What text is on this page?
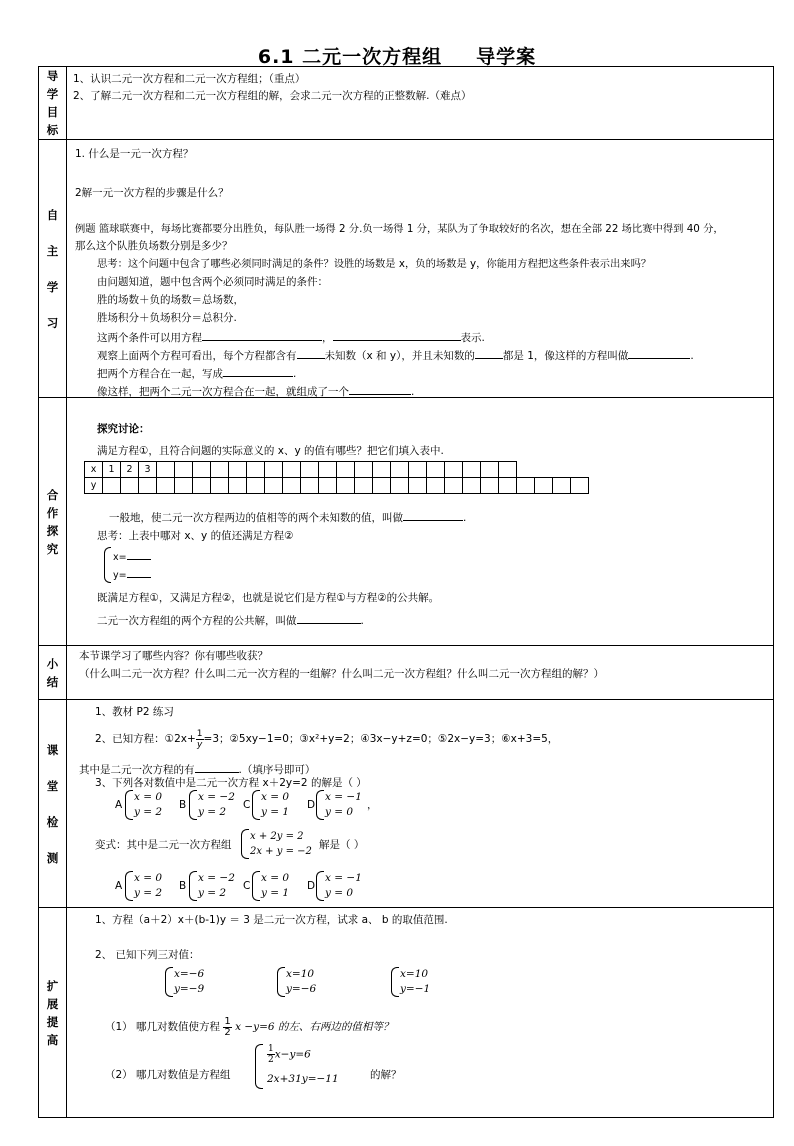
6.1 二元一次方程组 导学案
导
学
目
标

1、认识二元一次方程和二元一次方程组；（重点）
2、了解二元一次方程和二元一次方程组的解，会求二元一次方程的正整数解.（难点）

自

主

学

习

1. 什么是一元一次方程？
2解一元一次方程的步骤是什么？
例题 篮球联赛中，每场比赛都要分出胜负，每队胜一场得 2 分.负一场得 1 分，某队为了争取较好的名次，想在全部 22 场比赛中得到 40 分，
那么这个队胜负场数分别是多少？
思考：这个问题中包含了哪些必须同时满足的条件？设胜的场数是 x，负的场数是 y，你能用方程把这些条件表示出来吗？
由问题知道，题中包含两个必须同时满足的条件：
胜的场数＋负的场数＝总场数，
胜场积分＋负场积分＝总积分.
这两个条件可以用方程	，	表示.
观察上面两个方程可看出，每个方程都含有	未知数（x 和 y），并且未知数的	都是 1，像这样的方程叫做	.
把两个方程合在一起，写成	.
像这样，把两个二元一次方程合在一起，就组成了一个	.

合
作
探
究

探究讨论：
满足方程①，且符合问题的实际意义的 x、y 的值有哪些？把它们填入表中.
x	1	2	3																				
y																											
一般地，使二元一次方程两边的值相等的两个未知数的值，叫做	.
思考：上表中哪对 x、y 的值还满足方程②
x=
y=
既满足方程①，又满足方程②，也就是说它们是方程①与方程②的公共解。
二元一次方程组的两个方程的公共解，叫做	.

小
结

本节课学习了哪些内容？你有哪些收获？
（什么叫二元一次方程？什么叫二元一次方程的一组解？什么叫二元一次方程组？什么叫二元一次方程组的解？）

课

堂

检

测

1、教材 P2 练习
2、已知方程：①2x+ $\frac{1}{y} =3$；②5xy−1=0；③x²+y=2；④3x−y+z=0；⑤2x−y=3；⑥x+3=5，
其中是二元一次方程的有	.（填序号即可）
3、下列各对数值中是二元一次方程 x＋2y=2 的解是（ ）
A
x = 0
y = 2
B
x = −2
y = 2
C
x = 0
y = 1
D
x = −1
y = 0
，
变式：其中是二元一次方程组
x + 2y = 2
2x + y = −2
解是（ ）
A
x = 0
y = 2
B
x = −2
y = 2
C
x = 0
y = 1
D
x = −1
y = 0

扩
展
提
高

1、方程（a＋2）x＋(b-1)y ＝ 3 是二元一次方程，试求 a、 b 的取值范围.
2、 已知下列三对值：
x=−6
y=−9
x=10
y=−6
x=10
y=−1
（1） 哪几对数值使方程 $\frac{1}{2}$ x −y=6 的左、右两边的值相等？
（2） 哪几对数值是方程组
$\frac{1}{2} x-y=6$
2x+31y=−11	的解？
